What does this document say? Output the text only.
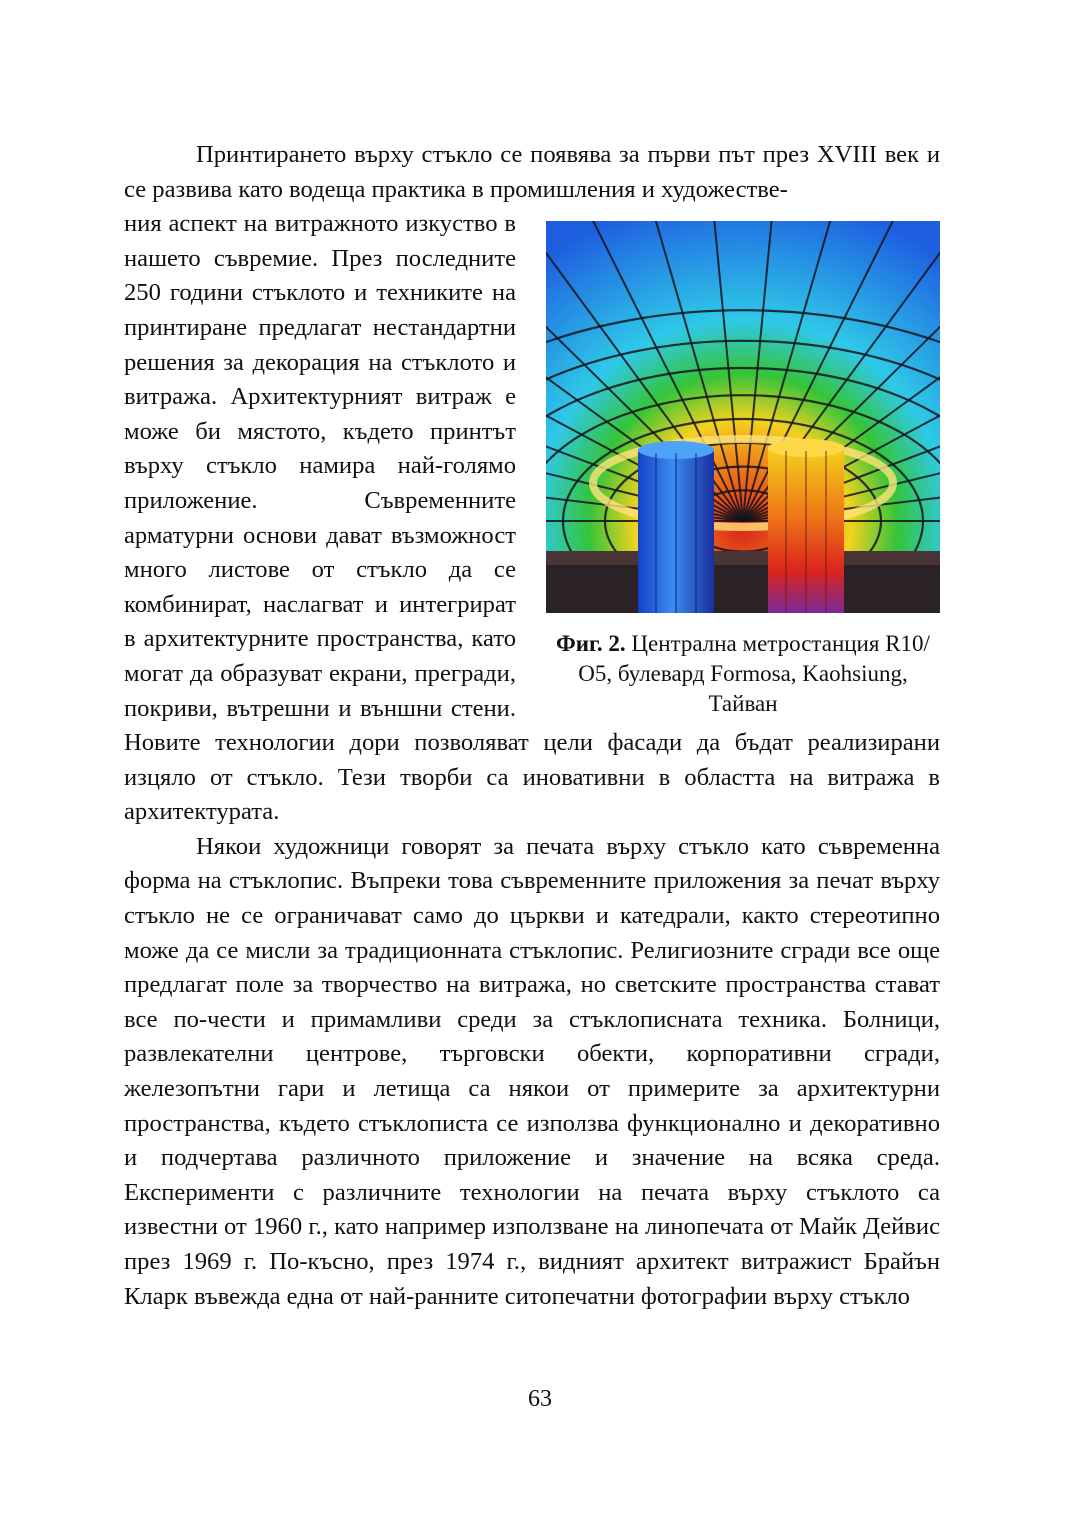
Принтирането върху стъкло се появява за първи път през XVIII век и се развива като водеща практика в промишления и художестве-

Фиг. 2. Централна метростанция R10/ O5, булевард Formosa, Kaohsiung, Тайван

ния аспект на витражното изкуство в нашето съвремие. През последните 250 години стъклото и техниките на принтиране предлагат нестандартни решения за декорация на стъклото и витража. Архитектурният витраж е може би мястото, където принтът върху стъкло намира най-голямо приложение. Съвременните арматурни основи дават възможност много листове от стъкло да се комбинират, наслагват и интегрират в архитектурните пространства, като могат да образуват екрани, прегради, покриви, вътрешни и външни стени. Новите технологии дори позволяват цели фасади да бъдат реализирани изцяло от стъкло. Тези творби са иновативни в областта на витража в архитектурата.

Някои художници говорят за печата върху стъкло като съвременна форма на стъклопис. Въпреки това съвременните приложения за печат върху стъкло не се ограничават само до църкви и катедрали, както стереотипно може да се мисли за традиционната стъклопис. Религиозните сгради все още предлагат поле за творчество на витража, но светските пространства стават все по-чести и примамливи среди за стъклописната техника. Болници, развлекателни центрове, търговски обекти, корпоративни сгради, железопътни гари и летища са някои от примерите за архитектурни пространства, където стъклописта се използва функционално и декоративно и подчертава различното приложение и значение на всяка среда. Експерименти с различните технологии на печата върху стъклото са известни от 1960 г., като например използване на линопечата от Майк Дейвис през 1969 г. По-късно, през 1974 г., видният архитект витражист Брайън Кларк въвежда една от най-ранните ситопечатни фотографии върху стъкло

63
